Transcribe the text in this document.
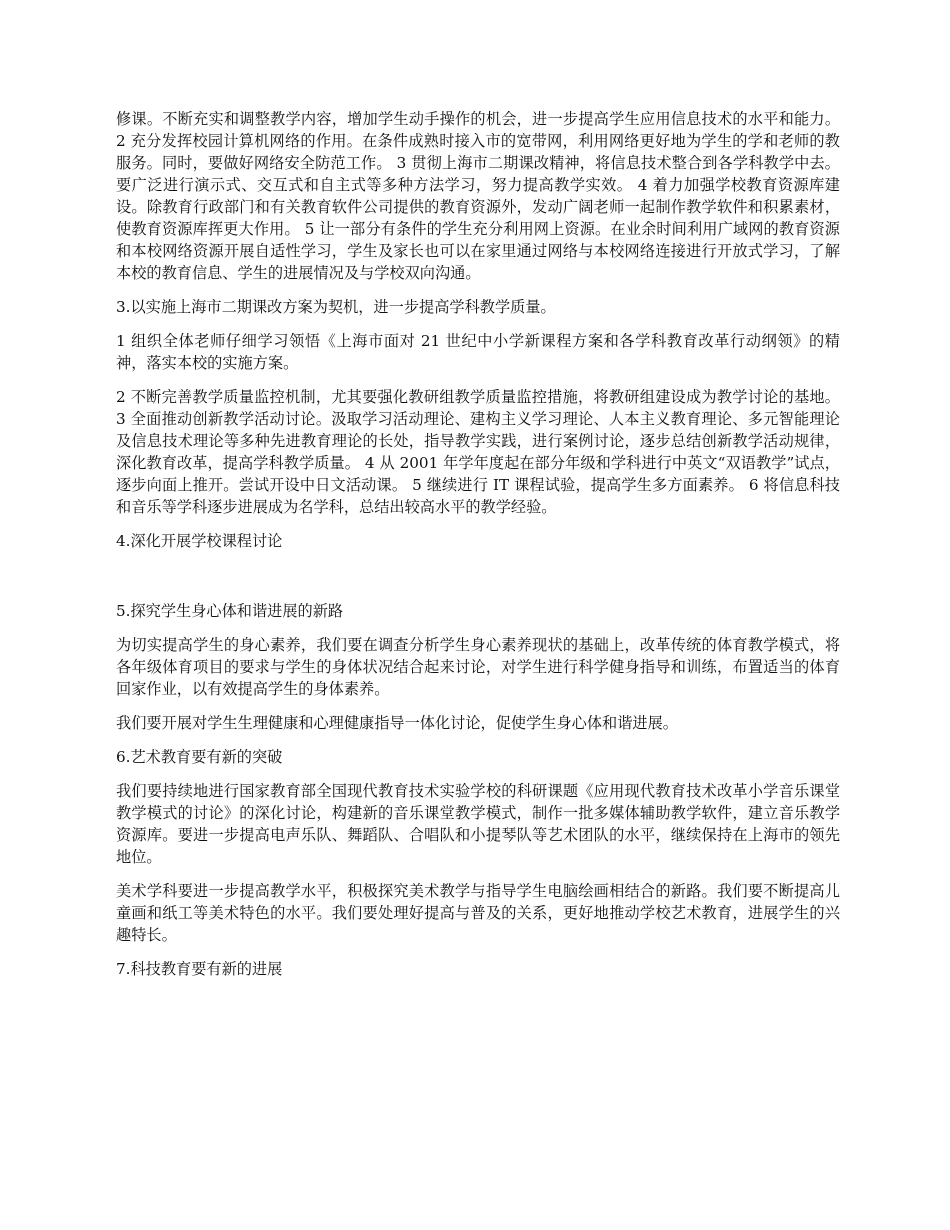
修课。不断充实和调整教学内容，增加学生动手操作的机会，进一步提高学生应用信息技术的水平和能力。 2 充分发挥校园计算机网络的作用。在条件成熟时接入市的宽带网，利用网络更好地为学生的学和老师的教服务。同时，要做好网络安全防范工作。 3 贯彻上海市二期课改精神，将信息技术整合到各学科教学中去。要广泛进行演示式、交互式和自主式等多种方法学习，努力提高教学实效。 4 着力加强学校教育资源库建设。除教育行政部门和有关教育软件公司提供的教育资源外，发动广阔老师一起制作教学软件和积累素材，使教育资源库挥更大作用。 5 让一部分有条件的学生充分利用网上资源。在业余时间利用广域网的教育资源和本校网络资源开展自适性学习，学生及家长也可以在家里通过网络与本校网络连接进行开放式学习，了解本校的教育信息、学生的进展情况及与学校双向沟通。

3.以实施上海市二期课改方案为契机，进一步提高学科教学质量。

1 组织全体老师仔细学习领悟《上海市面对 21 世纪中小学新课程方案和各学科教育改革行动纲领》的精神，落实本校的实施方案。

2 不断完善教学质量监控机制，尤其要强化教研组教学质量监控措施，将教研组建设成为教学讨论的基地。 3 全面推动创新教学活动讨论。汲取学习活动理论、建构主义学习理论、人本主义教育理论、多元智能理论及信息技术理论等多种先进教育理论的长处，指导教学实践，进行案例讨论，逐步总结创新教学活动规律，深化教育改革，提高学科教学质量。 4 从 2001 年学年度起在部分年级和学科进行中英文“双语教学”试点，逐步向面上推开。尝试开设中日文活动课。 5 继续进行 IT 课程试验，提高学生多方面素养。 6 将信息科技和音乐等学科逐步进展成为名学科，总结出较高水平的教学经验。

4.深化开展学校课程讨论

5.探究学生身心体和谐进展的新路

为切实提高学生的身心素养，我们要在调查分析学生身心素养现状的基础上，改革传统的体育教学模式，将各年级体育项目的要求与学生的身体状况结合起来讨论，对学生进行科学健身指导和训练，布置适当的体育回家作业，以有效提高学生的身体素养。

我们要开展对学生生理健康和心理健康指导一体化讨论，促使学生身心体和谐进展。

6.艺术教育要有新的突破

我们要持续地进行国家教育部全国现代教育技术实验学校的科研课题《应用现代教育技术改革小学音乐课堂教学模式的讨论》的深化讨论，构建新的音乐课堂教学模式，制作一批多媒体辅助教学软件，建立音乐教学资源库。要进一步提高电声乐队、舞蹈队、合唱队和小提琴队等艺术团队的水平，继续保持在上海市的领先地位。

美术学科要进一步提高教学水平，积极探究美术教学与指导学生电脑绘画相结合的新路。我们要不断提高儿童画和纸工等美术特色的水平。我们要处理好提高与普及的关系，更好地推动学校艺术教育，进展学生的兴趣特长。

7.科技教育要有新的进展
